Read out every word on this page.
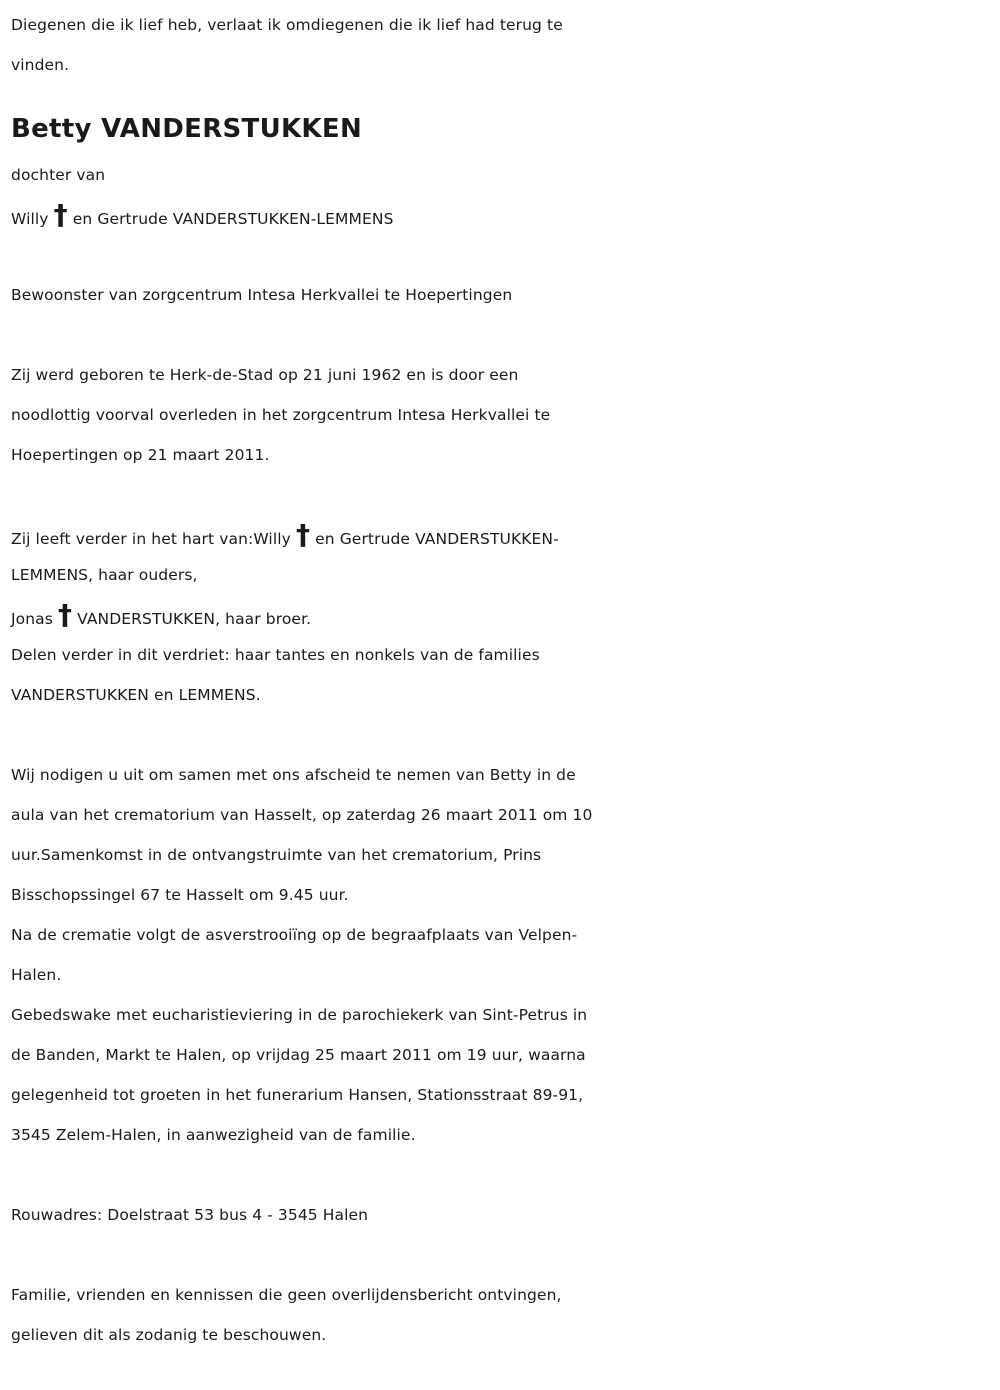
Diegenen die ik lief heb, verlaat ik omdiegenen die ik lief had terug te
vinden.
Betty VANDERSTUKKEN
dochter van
Willy † en Gertrude VANDERSTUKKEN-LEMMENS
Bewoonster van zorgcentrum Intesa Herkvallei te Hoepertingen
Zij werd geboren te Herk-de-Stad op 21 juni 1962 en is door een
noodlottig voorval overleden in het zorgcentrum Intesa Herkvallei te
Hoepertingen op 21 maart 2011.
Zij leeft verder in het hart van:Willy † en Gertrude VANDERSTUKKEN-
LEMMENS, haar ouders,
Jonas † VANDERSTUKKEN, haar broer.
Delen verder in dit verdriet: haar tantes en nonkels van de families
VANDERSTUKKEN en LEMMENS.
Wij nodigen u uit om samen met ons afscheid te nemen van Betty in de
aula van het crematorium van Hasselt, op zaterdag 26 maart 2011 om 10
uur.Samenkomst in de ontvangstruimte van het crematorium, Prins
Bisschopssingel 67 te Hasselt om 9.45 uur.
Na de crematie volgt de asverstrooiïng op de begraafplaats van Velpen-
Halen.
Gebedswake met eucharistieviering in de parochiekerk van Sint-Petrus in
de Banden, Markt te Halen, op vrijdag 25 maart 2011 om 19 uur, waarna
gelegenheid tot groeten in het funerarium Hansen, Stationsstraat 89-91,
3545 Zelem-Halen, in aanwezigheid van de familie.
Rouwadres: Doelstraat 53 bus 4 - 3545 Halen
Familie, vrienden en kennissen die geen overlijdensbericht ontvingen,
gelieven dit als zodanig te beschouwen.
